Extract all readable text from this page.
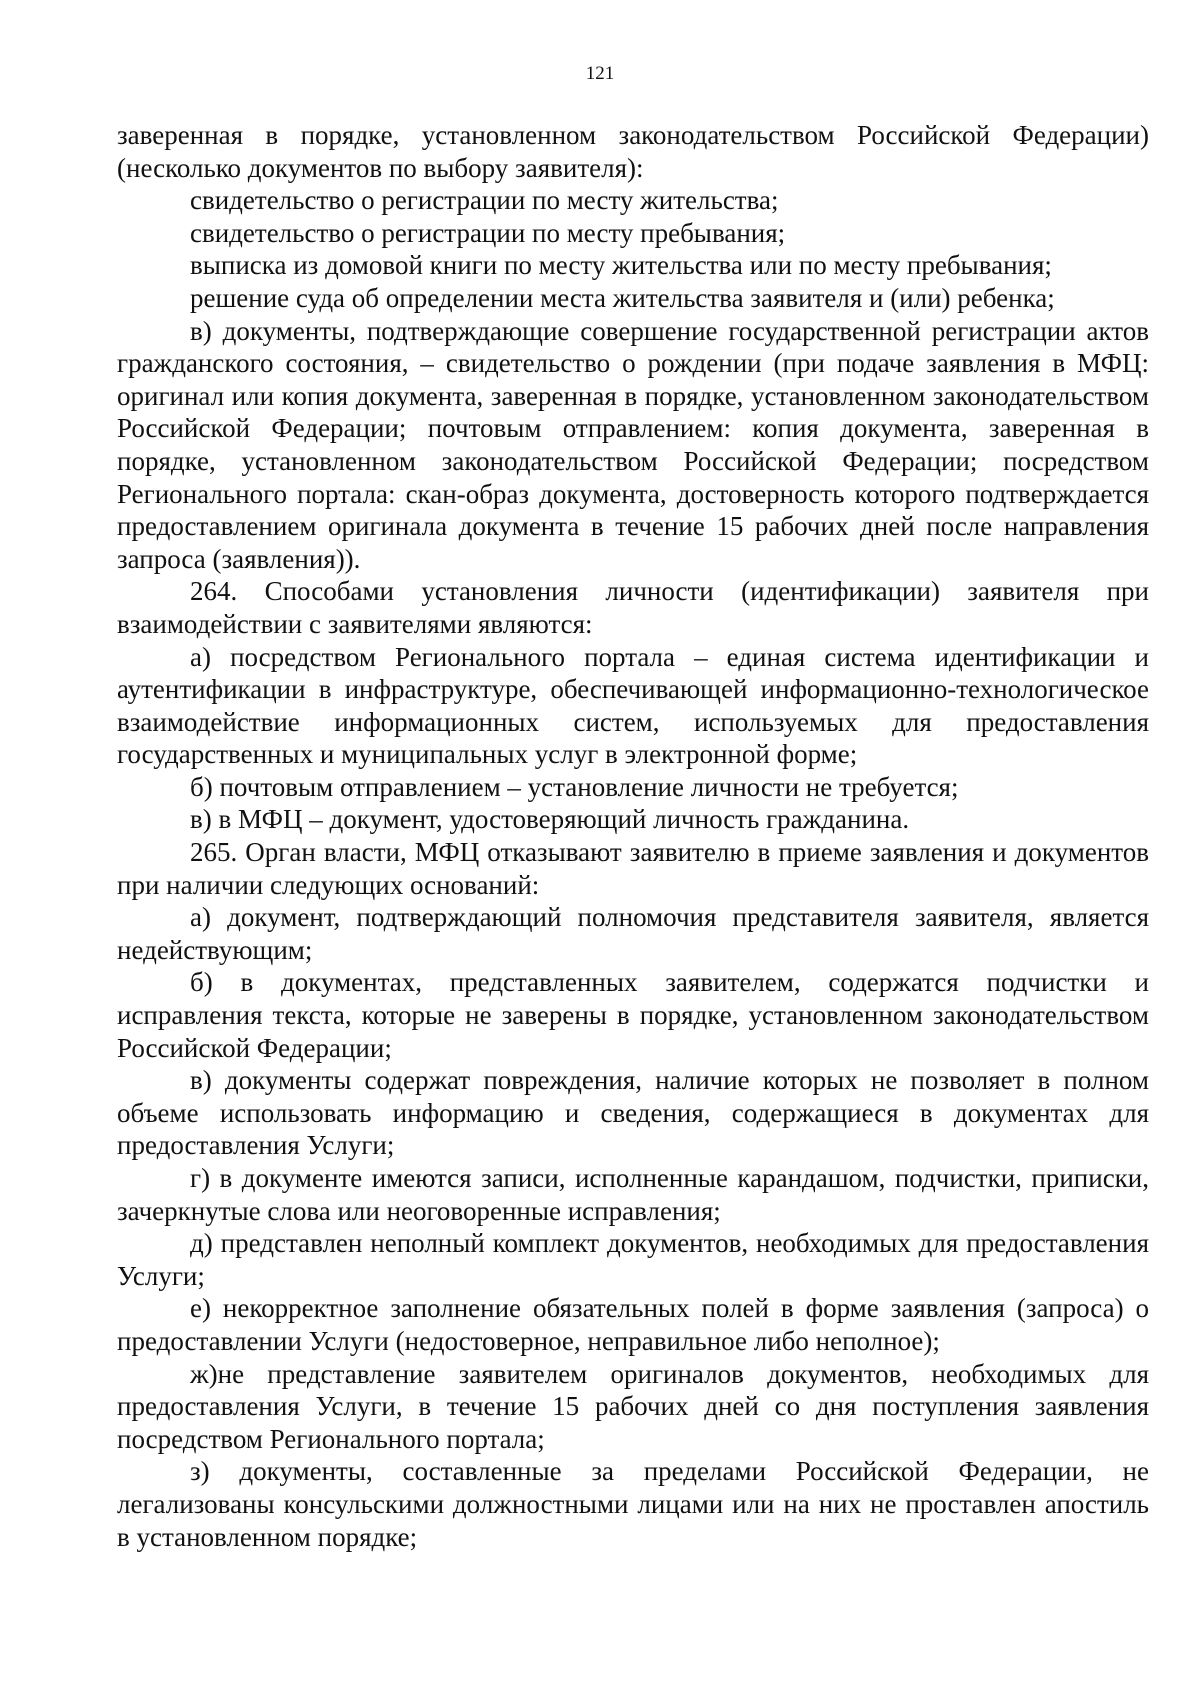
121

заверенная в порядке, установленном законодательством Российской Федерации) (несколько документов по выбору заявителя):

свидетельство о регистрации по месту жительства;

свидетельство о регистрации по месту пребывания;

выписка из домовой книги по месту жительства или по месту пребывания;

решение суда об определении места жительства заявителя и (или) ребенка;

в) документы, подтверждающие совершение государственной регистрации актов гражданского состояния, – свидетельство о рождении (при подаче заявления в МФЦ: оригинал или копия документа, заверенная в порядке, установленном законодательством Российской Федерации; почтовым отправлением: копия документа, заверенная в порядке, установленном законодательством Российской Федерации; посредством Регионального портала: скан-образ документа, достоверность которого подтверждается предоставлением оригинала документа в течение 15 рабочих дней после направления запроса (заявления)).

264. Способами установления личности (идентификации) заявителя при взаимодействии с заявителями являются:

а) посредством Регионального портала – единая система идентификации и аутентификации в инфраструктуре, обеспечивающей информационно-технологическое взаимодействие информационных систем, используемых для предоставления государственных и муниципальных услуг в электронной форме;

б) почтовым отправлением – установление личности не требуется;

в) в МФЦ – документ, удостоверяющий личность гражданина.

265. Орган власти, МФЦ отказывают заявителю в приеме заявления и документов при наличии следующих оснований:

а) документ, подтверждающий полномочия представителя заявителя, является недействующим;

б) в документах, представленных заявителем, содержатся подчистки и исправления текста, которые не заверены в порядке, установленном законодательством Российской Федерации;

в) документы содержат повреждения, наличие которых не позволяет в полном объеме использовать информацию и сведения, содержащиеся в документах для предоставления Услуги;

г) в документе имеются записи, исполненные карандашом, подчистки, приписки, зачеркнутые слова или неоговоренные исправления;

д) представлен неполный комплект документов, необходимых для предоставления Услуги;

е) некорректное заполнение обязательных полей в форме заявления (запроса) о предоставлении Услуги (недостоверное, неправильное либо неполное);

ж)не представление заявителем оригиналов документов, необходимых для предоставления Услуги, в течение 15 рабочих дней со дня поступления заявления посредством Регионального портала;

з) документы, составленные за пределами Российской Федерации, не легализованы консульскими должностными лицами или на них не проставлен апостиль в установленном порядке;
